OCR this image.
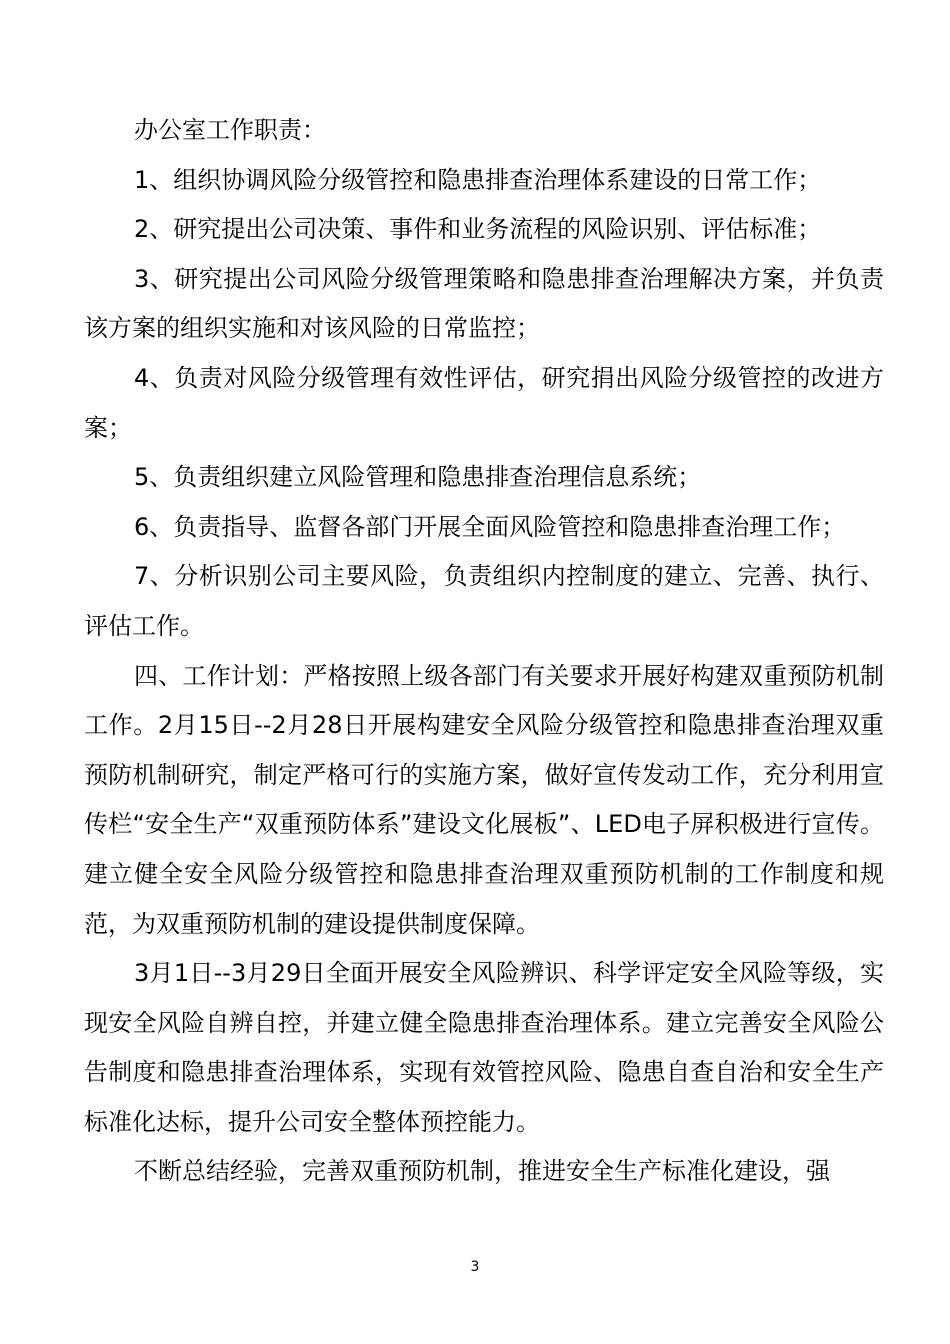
办公室工作职责：

1、组织协调风险分级管控和隐患排查治理体系建设的日常工作；

2、研究提出公司决策、事件和业务流程的风险识别、评估标准；

3、研究提出公司风险分级管理策略和隐患排查治理解决方案，并负责该方案的组织实施和对该风险的日常监控；

4、负责对风险分级管理有效性评估，研究捐出风险分级管控的改进方案；

5、负责组织建立风险管理和隐患排查治理信息系统；

6、负责指导、监督各部门开展全面风险管控和隐患排查治理工作；

7、分析识别公司主要风险，负责组织内控制度的建立、完善、执行、评估工作。

四、工作计划：严格按照上级各部门有关要求开展好构建双重预防机制工作。2月15日--2月28日开展构建安全风险分级管控和隐患排查治理双重预防机制研究，制定严格可行的实施方案，做好宣传发动工作，充分利用宣传栏“安全生产“双重预防体系”建设文化展板”、LED电子屏积极进行宣传。建立健全安全风险分级管控和隐患排查治理双重预防机制的工作制度和规范，为双重预防机制的建设提供制度保障。

3月1日--3月29日全面开展安全风险辨识、科学评定安全风险等级，实现安全风险自辨自控，并建立健全隐患排查治理体系。建立完善安全风险公告制度和隐患排查治理体系，实现有效管控风险、隐患自查自治和安全生产标准化达标，提升公司安全整体预控能力。

不断总结经验，完善双重预防机制，推进安全生产标准化建设，强

3
